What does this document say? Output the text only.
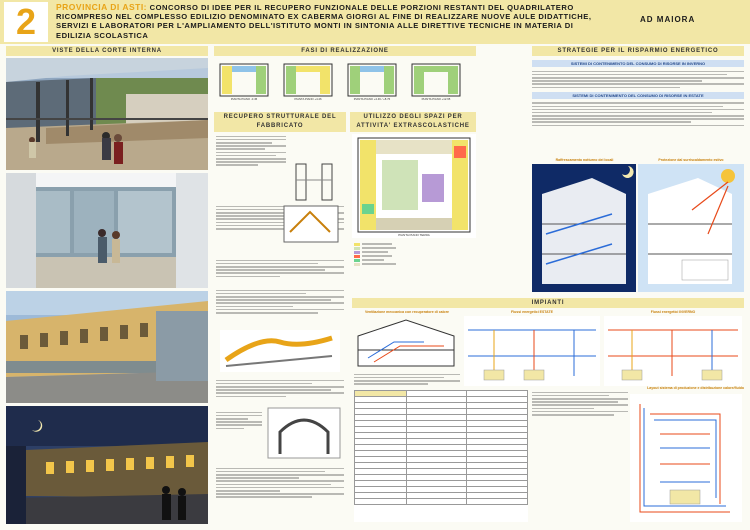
2	PROVINCIA DI ASTI: CONCORSO DI IDEE PER IL RECUPERO FUNZIONALE DELLE PORZIONI RESTANTI DEL QUADRILATERO RICOMPRESO NEL COMPLESSO EDILIZIO DENOMINATO EX CABERMA GIORGI AL FINE DI REALIZZARE NUOVE AULE DIDATTICHE, SERVIZI E LABORATORI PER L'AMPLIAMENTO DELL'ISTITUTO MONTI IN SINTONIA ALLE DIRETTIVE TECNICHE IN MATERIA DI EDILIZIA SCOLASTICA
AD MAIORA
VISTE DELLA CORTE INTERNA	FASI DI REALIZZAZIONE
PIANTA PIANO -0.45	PIANTA PIANO +4.46	PIANTA PIANO +4.46 / +8.76	PIANTA PIANO +12.65
RECUPERO STRUTTURALE DEL FABBRICATO
UTILIZZO DEGLI SPAZI PER ATTIVITA' EXTRASCOLASTICHE
PIANTA PIANO TERRA
STRATEGIE PER IL RISPARMIO ENERGETICO
SISTEMI DI CONTENIMENTO DEL CONSUMO DI RISORSE IN INVERNO
SISTEMI DI CONTENIMENTO DEL CONSUMO DI RISORSE IN ESTATE
Raffrescamento notturno dei locali	Protezione dal surriscaldamento estivo
IMPIANTI
Ventilazione meccanica con recuperatore di calore	Flussi energetici ESTATE	Flussi energetici INVERNO

Layout sistema di produzione e distribuzione calore/fluido
